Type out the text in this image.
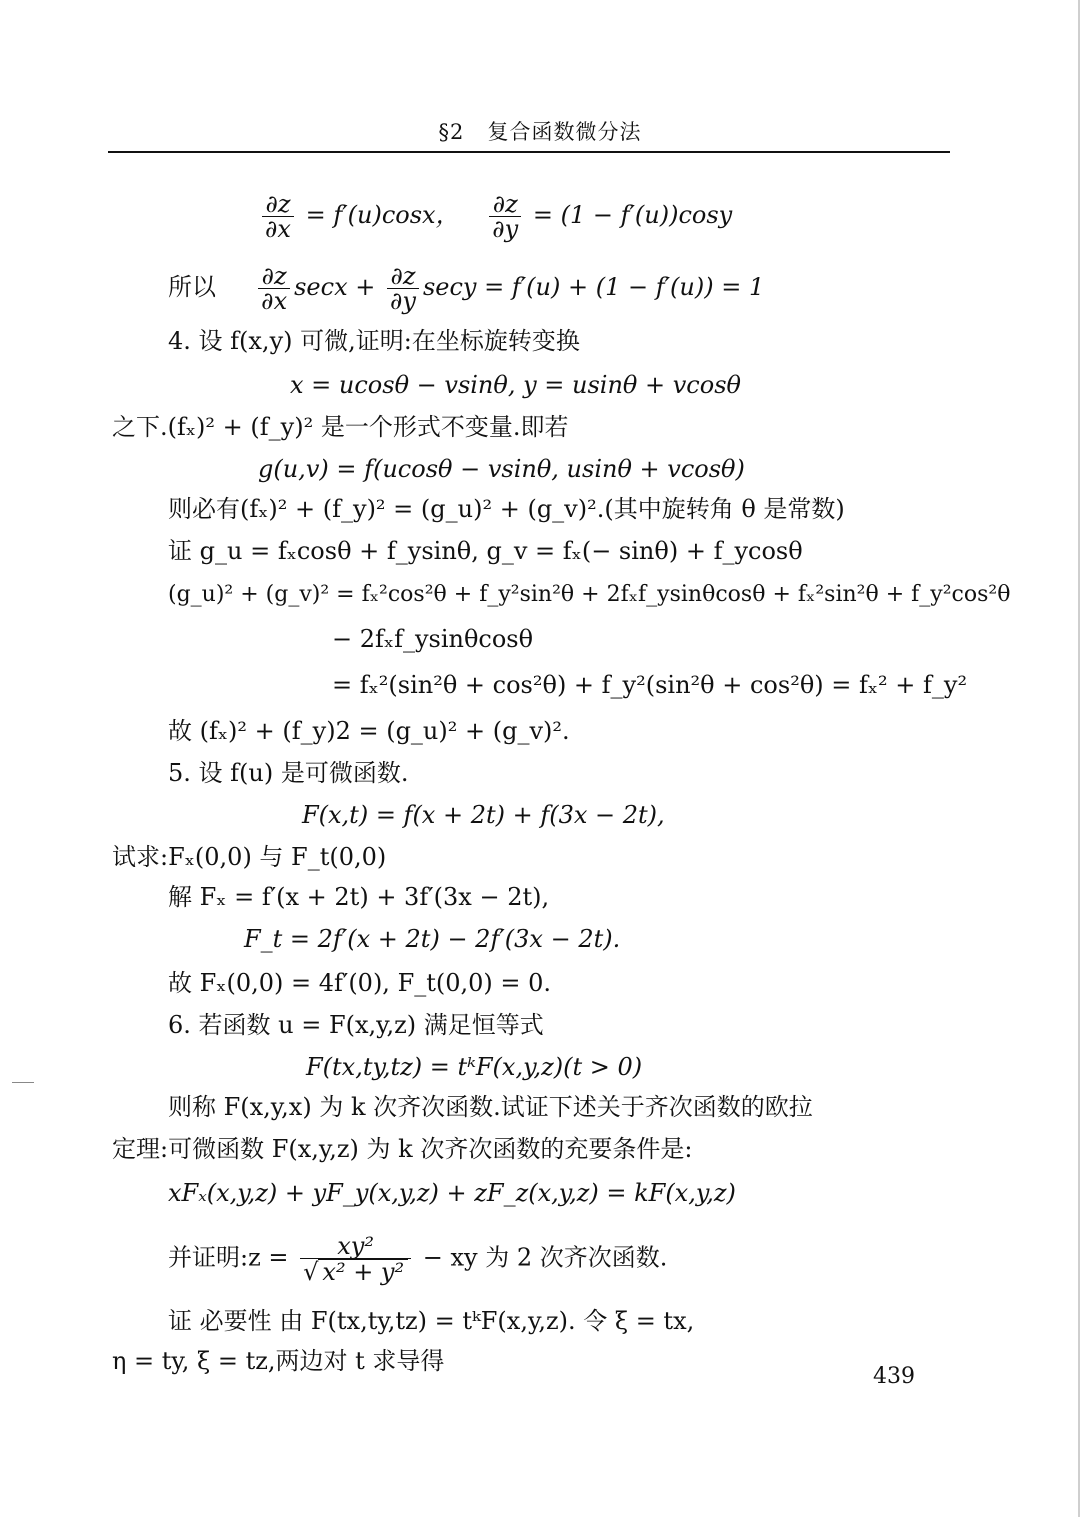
§2 复合函数微分法
$\frac{\partial z}{\partial x} = f'(u)\cos x$， $\frac{\partial z}{\partial y} = (1 - f'(u))\cos y$
所以 $\frac{\partial z}{\partial x}$ $\sec x + \frac{\partial z}{\partial y}$ secy = f′(u) + (1 − f′(u)) = 1
4. 设 f(x,y) 可微,证明:在坐标旋转变换
x = ucosθ − vsinθ, y = usinθ + vcosθ
之下.(fₓ)² + (f_y)² 是一个形式不变量.即若
g(u,v) = f(ucosθ − vsinθ, usinθ + vcosθ)
则必有(fₓ)² + (f_y)² = (g_u)² + (g_v)².(其中旋转角 θ 是常数)
证 g_u = fₓcosθ + f_ysinθ, g_v = fₓ(− sinθ) + f_ycosθ
(g_u)² + (g_v)² = fₓ²cos²θ + f_y²sin²θ + 2fₓf_ysinθcosθ + fₓ²sin²θ + f_y²cos²θ
− 2fₓf_ysinθcosθ
= fₓ²(sin²θ + cos²θ) + f_y²(sin²θ + cos²θ) = fₓ² + f_y²
故 (fₓ)² + (f_y)2 = (g_u)² + (g_v)².
5. 设 f(u) 是可微函数.
F(x,t) = f(x + 2t) + f(3x − 2t),
试求:Fₓ(0,0) 与 F_t(0,0)
解 Fₓ = f′(x + 2t) + 3f′(3x − 2t),
F_t = 2f′(x + 2t) − 2f′(3x − 2t).
故 Fₓ(0,0) = 4f′(0), F_t(0,0) = 0.
6. 若函数 u = F(x,y,z) 满足恒等式
F(tx,ty,tz) = tᵏF(x,y,z)(t > 0)
则称 F(x,y,x) 为 k 次齐次函数.试证下述关于齐次函数的欧拉
定理:可微函数 F(x,y,z) 为 k 次齐次函数的充要条件是:
xFₓ(x,y,z) + yF_y(x,y,z) + zF_z(x,y,z) = kF(x,y,z)
并证明:z = $\frac{\text{xy²}}{\text{√ x² + y²}}$ − xy 为 2 次齐次函数.
证 必要性 由 F(tx,ty,tz) = tᵏF(x,y,z). 令 ξ = tx,
η = ty, ξ = tz,两边对 t 求导得
439
